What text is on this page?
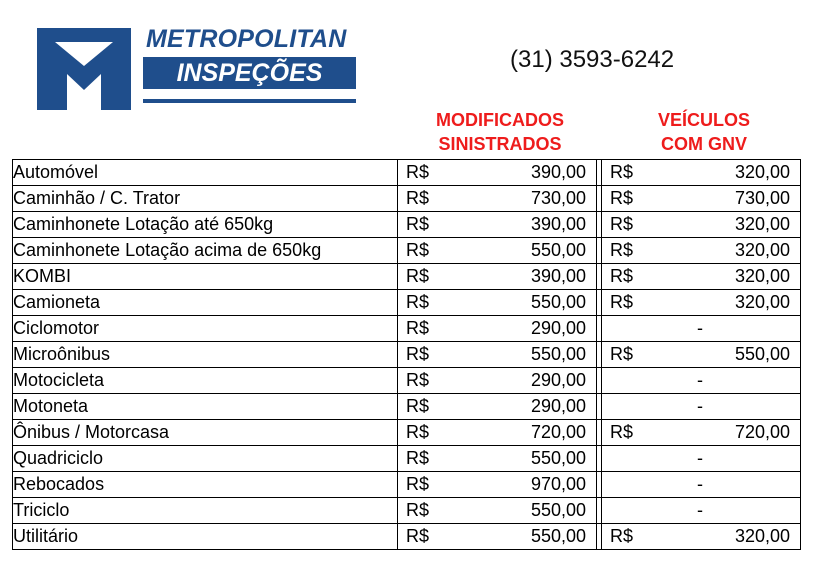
METROPOLITAN
INSPEÇÕES	(31) 3593-6242
MODIFICADOS
SINISTRADOS
VEÍCULOS
COM GNV
Automóvel	R$ 390,00		R$ 320,00

Caminhão / C. Trator	R$ 730,00		R$ 730,00

Caminhonete Lotação até 650kg	R$ 390,00		R$ 320,00

Caminhonete Lotação acima de 650kg	R$ 550,00		R$ 320,00

KOMBI	R$ 390,00		R$ 320,00

Camioneta	R$ 550,00		R$ 320,00

Ciclomotor	R$ 290,00		-

Microônibus	R$ 550,00		R$ 550,00

Motocicleta	R$ 290,00		-

Motoneta	R$ 290,00		-

Ônibus / Motorcasa	R$ 720,00		R$ 720,00

Quadriciclo	R$ 550,00		-

Rebocados	R$ 970,00		-

Triciclo	R$ 550,00		-

Utilitário	R$ 550,00		R$ 320,00
